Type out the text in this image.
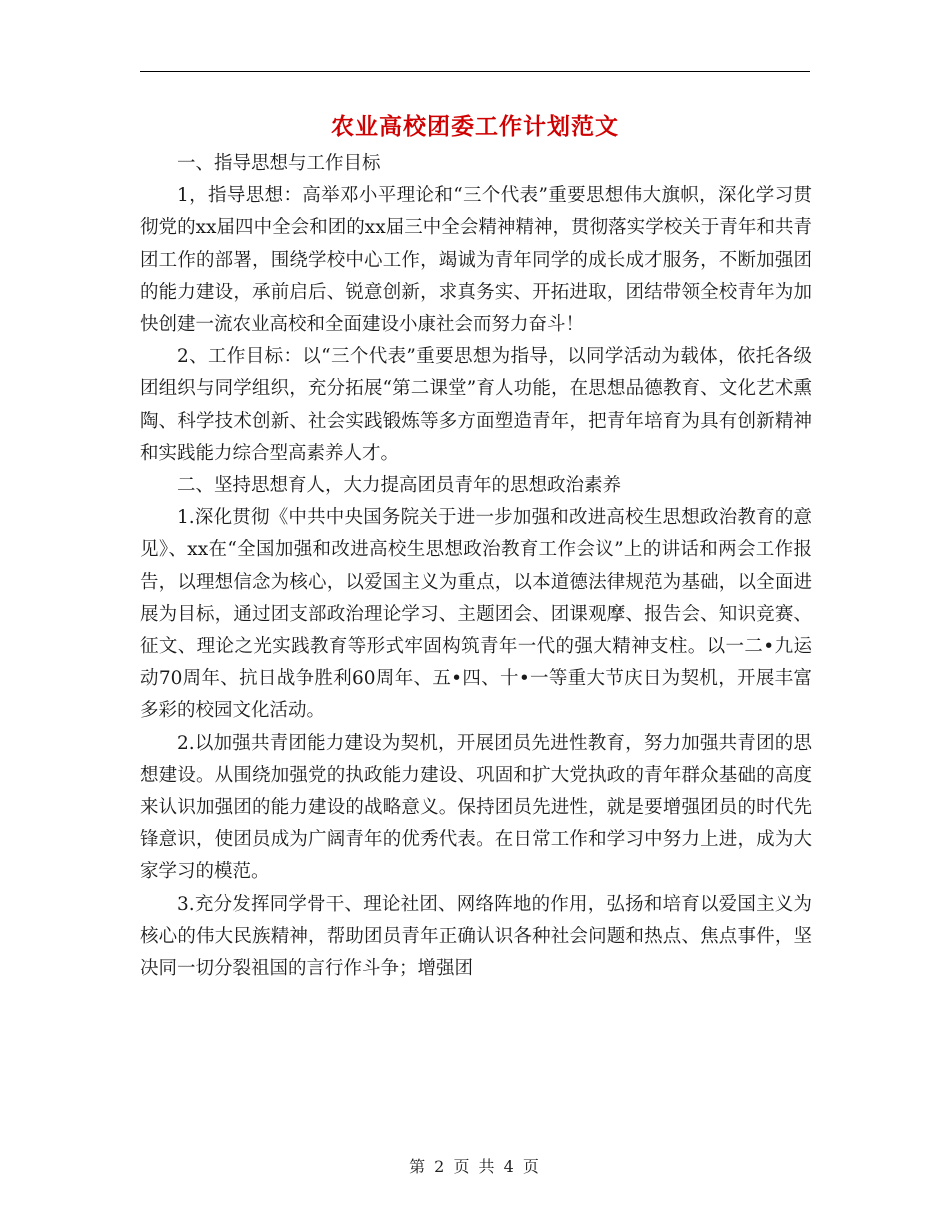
农业高校团委工作计划范文

一、指导思想与工作目标

1，指导思想：高举邓小平理论和“三个代表”重要思想伟大旗帜，深化学习贯彻党的xx届四中全会和团的xx届三中全会精神精神，贯彻落实学校关于青年和共青团工作的部署，围绕学校中心工作，竭诚为青年同学的成长成才服务，不断加强团的能力建设，承前启后、锐意创新，求真务实、开拓进取，团结带领全校青年为加快创建一流农业高校和全面建设小康社会而努力奋斗！

2、工作目标：以“三个代表”重要思想为指导，以同学活动为载体，依托各级团组织与同学组织，充分拓展“第二课堂”育人功能，在思想品德教育、文化艺术熏陶、科学技术创新、社会实践锻炼等多方面塑造青年，把青年培育为具有创新精神和实践能力综合型高素养人才。

二、坚持思想育人，大力提高团员青年的思想政治素养

1.深化贯彻《中共中央国务院关于进一步加强和改进高校生思想政治教育的意见》、xx在“全国加强和改进高校生思想政治教育工作会议”上的讲话和两会工作报告，以理想信念为核心，以爱国主义为重点，以本道德法律规范为基础，以全面进展为目标，通过团支部政治理论学习、主题团会、团课观摩、报告会、知识竞赛、征文、理论之光实践教育等形式牢固构筑青年一代的强大精神支柱。以一二•九运动70周年、抗日战争胜利60周年、五•四、十•一等重大节庆日为契机，开展丰富多彩的校园文化活动。

2.以加强共青团能力建设为契机，开展团员先进性教育，努力加强共青团的思想建设。从围绕加强党的执政能力建设、巩固和扩大党执政的青年群众基础的高度来认识加强团的能力建设的战略意义。保持团员先进性，就是要增强团员的时代先锋意识，使团员成为广阔青年的优秀代表。在日常工作和学习中努力上进，成为大家学习的模范。

3.充分发挥同学骨干、理论社团、网络阵地的作用，弘扬和培育以爱国主义为核心的伟大民族精神，帮助团员青年正确认识各种社会问题和热点、焦点事件，坚决同一切分裂祖国的言行作斗争；增强团

第 2 页 共 4 页
